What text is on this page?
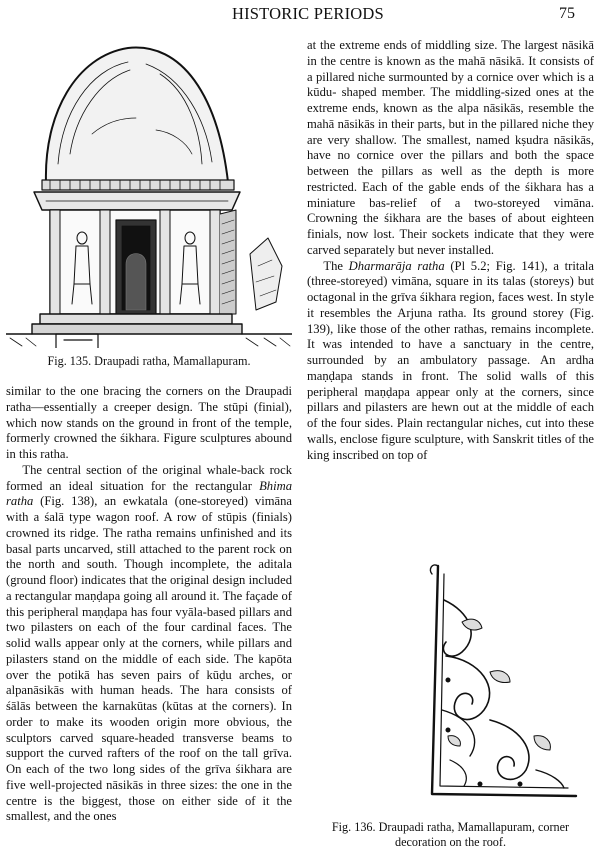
HISTORIC PERIODS	75
Fig. 135. Draupadi ratha, Mamallapuram.

similar to the one bracing the corners on the Draupadi ratha—essentially a creeper design. The stūpi (finial), which now stands on the ground in front of the temple, formerly crowned the śikhara. Figure sculptures abound in this ratha.

The central section of the original whale-back rock formed an ideal situation for the rectangular Bhima ratha (Fig. 138), an ewkatala (one-storeyed) vimāna with a śalā type wagon roof. A row of stūpis (finials) crowned its ridge. The ratha remains unfinished and its basal parts uncarved, still attached to the parent rock on the north and south. Though incomplete, the aditala (ground floor) indicates that the original design included a rectangular maṇḍapa going all around it. The façade of this peripheral maṇḍapa has four vyāla-based pillars and two pilasters on each of the four cardinal faces. The solid walls appear only at the corners, while pillars and pilasters stand on the middle of each side. The kapōta over the potikā has seven pairs of kūḍu arches, or alpanāsikās with human heads. The hara consists of śālās between the karnakūtas (kūtas at the corners). In order to make its wooden origin more obvious, the sculptors carved square-headed transverse beams to support the curved rafters of the roof on the tall grīva. On each of the two long sides of the grīva śikhara are five well-projected nāsikās in three sizes: the one in the centre is the biggest, those on either side of it the smallest, and the ones

at the extreme ends of middling size. The largest nāsikā in the centre is known as the mahā nāsikā. It consists of a pillared niche surmounted by a cornice over which is a kūdu- shaped member. The middling-sized ones at the extreme ends, known as the alpa nāsikās, resemble the mahā nāsikās in their parts, but in the pillared niche they are very shallow. The smallest, named kṣudra nāsikās, have no cornice over the pillars and both the space between the pillars as well as the depth is more restricted. Each of the gable ends of the śikhara has a miniature bas-relief of a two-storeyed vimāna. Crowning the śikhara are the bases of about eighteen finials, now lost. Their sockets indicate that they were carved separately but never installed.

The Dharmarāja ratha (Pl 5.2; Fig. 141), a tritala (three-storeyed) vimāna, square in its talas (storeys) but octagonal in the grīva śikhara region, faces west. In style it resembles the Arjuna ratha. Its ground storey (Fig. 139), like those of the other rathas, remains incomplete. It was intended to have a sanctuary in the centre, surrounded by an ambulatory passage. An ardha maṇḍapa stands in front. The solid walls of this peripheral maṇḍapa appear only at the corners, since pillars and pilasters are hewn out at the middle of each of the four sides. Plain rectangular niches, cut into these walls, enclose figure sculpture, with Sanskrit titles of the king inscribed on top of

Fig. 136. Draupadi ratha, Mamallapuram, corner
decoration on the roof.
